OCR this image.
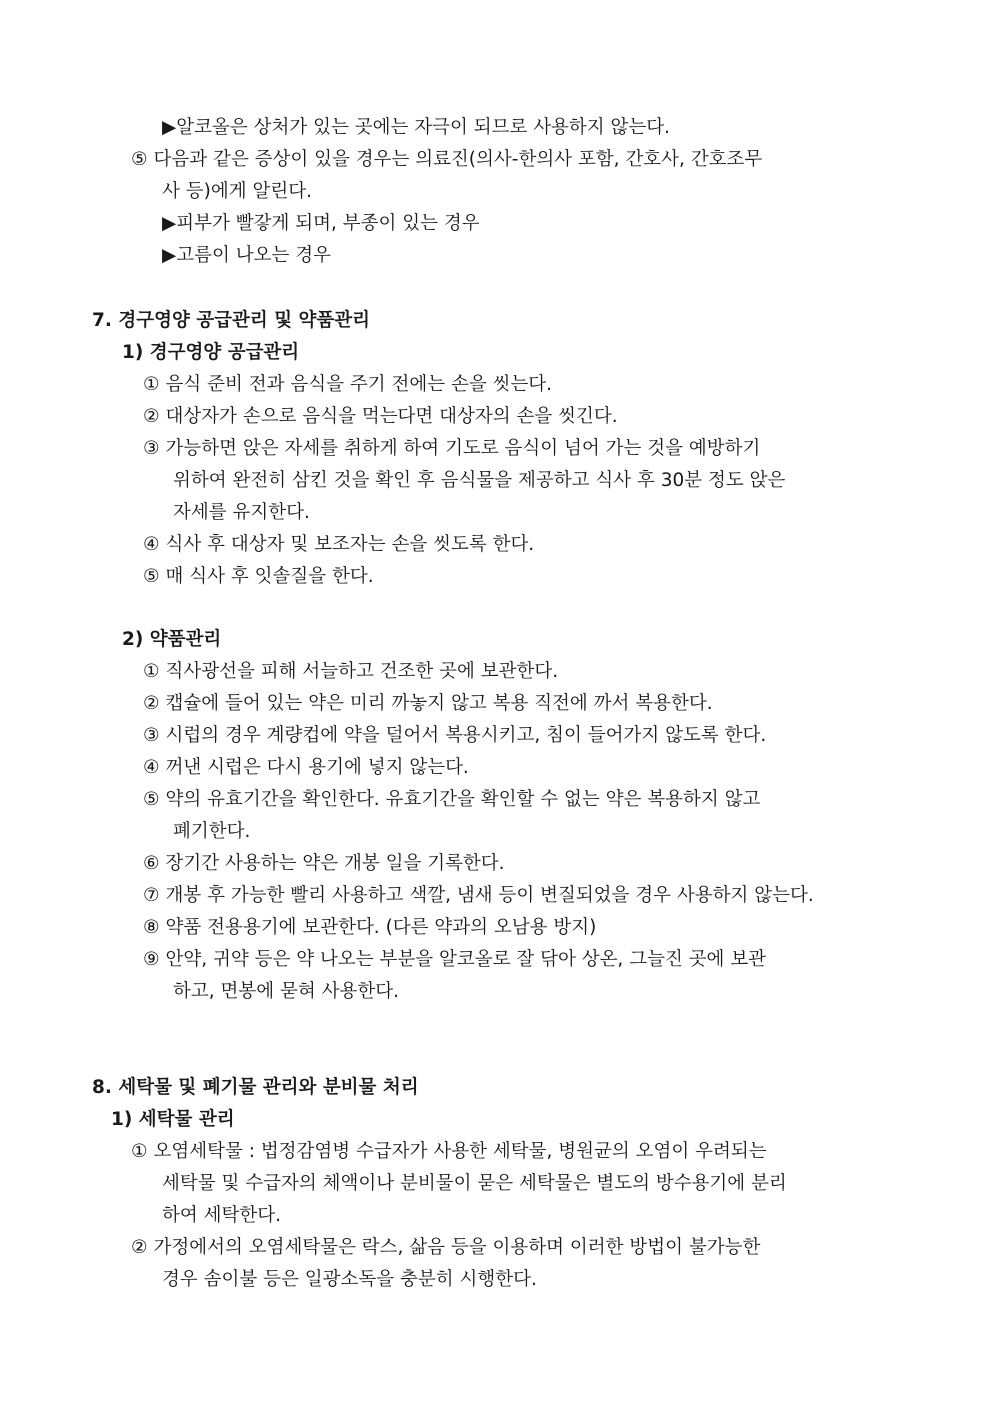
▶알코올은 상처가 있는 곳에는 자극이 되므로 사용하지 않는다.
⑤ 다음과 같은 증상이 있을 경우는 의료진(의사-한의사 포함, 간호사, 간호조무
사 등)에게 알린다.
▶피부가 빨갛게 되며, 부종이 있는 경우
▶고름이 나오는 경우
7. 경구영양 공급관리 및 약품관리
1) 경구영양 공급관리
① 음식 준비 전과 음식을 주기 전에는 손을 씻는다.
② 대상자가 손으로 음식을 먹는다면 대상자의 손을 씻긴다.
③ 가능하면 앉은 자세를 취하게 하여 기도로 음식이 넘어 가는 것을 예방하기
위하여 완전히 삼킨 것을 확인 후 음식물을 제공하고 식사 후 30분 정도 앉은
자세를 유지한다.
④ 식사 후 대상자 및 보조자는 손을 씻도록 한다.
⑤ 매 식사 후 잇솔질을 한다.
2) 약품관리
① 직사광선을 피해 서늘하고 건조한 곳에 보관한다.
② 캡슐에 들어 있는 약은 미리 까놓지 않고 복용 직전에 까서 복용한다.
③ 시럽의 경우 계량컵에 약을 덜어서 복용시키고, 침이 들어가지 않도록 한다.
④ 꺼낸 시럽은 다시 용기에 넣지 않는다.
⑤ 약의 유효기간을 확인한다. 유효기간을 확인할 수 없는 약은 복용하지 않고
폐기한다.
⑥ 장기간 사용하는 약은 개봉 일을 기록한다.
⑦ 개봉 후 가능한 빨리 사용하고 색깔, 냄새 등이 변질되었을 경우 사용하지 않는다.
⑧ 약품 전용용기에 보관한다. (다른 약과의 오남용 방지)
⑨ 안약, 귀약 등은 약 나오는 부분을 알코올로 잘 닦아 상온, 그늘진 곳에 보관
하고, 면봉에 묻혀 사용한다.
8. 세탁물 및 폐기물 관리와 분비물 처리
1) 세탁물 관리
① 오염세탁물 : 법정감염병 수급자가 사용한 세탁물, 병원균의 오염이 우려되는
세탁물 및 수급자의 체액이나 분비물이 묻은 세탁물은 별도의 방수용기에 분리
하여 세탁한다.
② 가정에서의 오염세탁물은 락스, 삶음 등을 이용하며 이러한 방법이 불가능한
경우 솜이불 등은 일광소독을 충분히 시행한다.
